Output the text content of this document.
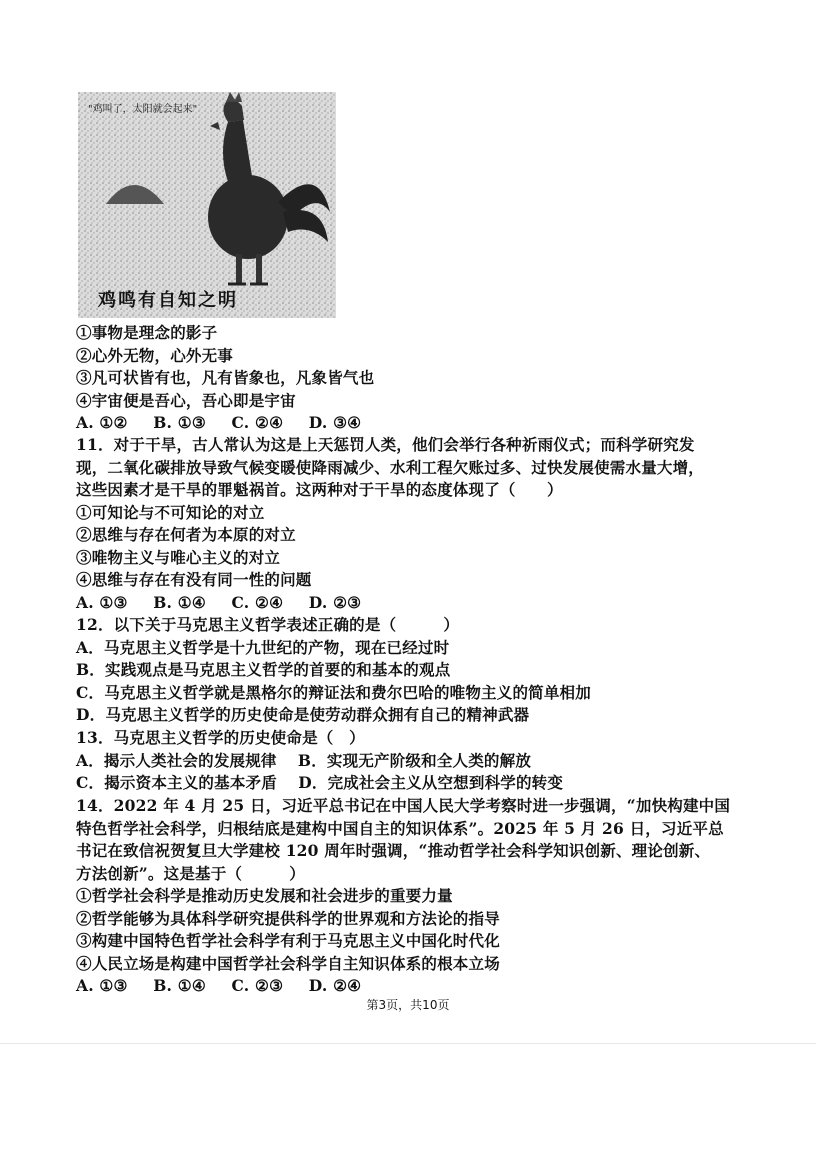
"鸡叫了，太阳就会起来"
鸡鸣有自知之明
①事物是理念的影子
②心外无物，心外无事
③凡可状皆有也，凡有皆象也，凡象皆气也
④宇宙便是吾心，吾心即是宇宙
A. ①② B. ①③ C. ②④ D. ③④
11．对于干旱，古人常认为这是上天惩罚人类，他们会举行各种祈雨仪式；而科学研究发
现，二氧化碳排放导致气候变暖使降雨减少、水利工程欠账过多、过快发展使需水量大增，
这些因素才是干旱的罪魁祸首。这两种对于干旱的态度体现了（　　）
①可知论与不可知论的对立
②思维与存在何者为本原的对立
③唯物主义与唯心主义的对立
④思维与存在有没有同一性的问题
A. ①③ B. ①④ C. ②④ D. ②③
12．以下关于马克思主义哲学表述正确的是（　　　）
A．马克思主义哲学是十九世纪的产物，现在已经过时
B．实践观点是马克思主义哲学的首要的和基本的观点
C．马克思主义哲学就是黑格尔的辩证法和费尔巴哈的唯物主义的简单相加
D．马克思主义哲学的历史使命是使劳动群众拥有自己的精神武器
13．马克思主义哲学的历史使命是（　）
A．揭示人类社会的发展规律　 B．实现无产阶级和全人类的解放
C．揭示资本主义的基本矛盾　 D．完成社会主义从空想到科学的转变
14．2022 年 4 月 25 日，习近平总书记在中国人民大学考察时进一步强调，“加快构建中国
特色哲学社会科学，归根结底是建构中国自主的知识体系”。2025 年 5 月 26 日，习近平总
书记在致信祝贺复旦大学建校 120 周年时强调，“推动哲学社会科学知识创新、理论创新、
方法创新”。这是基于（　　　）
①哲学社会科学是推动历史发展和社会进步的重要力量
②哲学能够为具体科学研究提供科学的世界观和方法论的指导
③构建中国特色哲学社会科学有利于马克思主义中国化时代化
④人民立场是构建中国哲学社会科学自主知识体系的根本立场
A. ①③ B. ①④ C. ②③ D. ②④
第3页，共10页
